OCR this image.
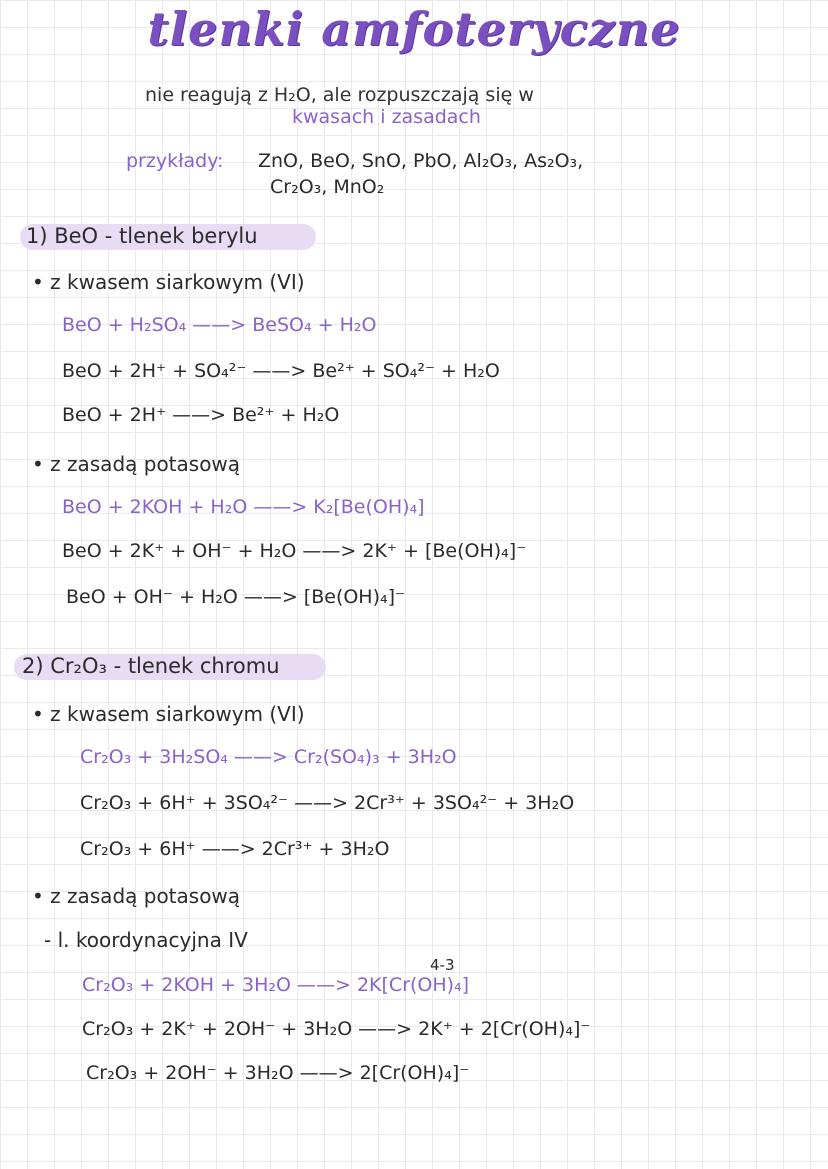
tlenki amfoteryczne
nie reagują z H₂O, ale rozpuszczają się w
kwasach i zasadach
przykłady: ZnO, BeO, SnO, PbO, Al₂O₃, As₂O₃,
Cr₂O₃, MnO₂
1) BeO - tlenek berylu
• z kwasem siarkowym (VI)
BeO + H₂SO₄ ——> BeSO₄ + H₂O
BeO + 2H⁺ + SO₄²⁻ ——> Be²⁺ + SO₄²⁻ + H₂O
BeO + 2H⁺ ——> Be²⁺ + H₂O
• z zasadą potasową
BeO + 2KOH + H₂O ——> K₂[Be(OH)₄]
BeO + 2K⁺ + OH⁻ + H₂O ——> 2K⁺ + [Be(OH)₄]⁻
BeO + OH⁻ + H₂O ——> [Be(OH)₄]⁻
2) Cr₂O₃ - tlenek chromu
• z kwasem siarkowym (VI)
Cr₂O₃ + 3H₂SO₄ ——> Cr₂(SO₄)₃ + 3H₂O
Cr₂O₃ + 6H⁺ + 3SO₄²⁻ ——> 2Cr³⁺ + 3SO₄²⁻ + 3H₂O
Cr₂O₃ + 6H⁺ ——> 2Cr³⁺ + 3H₂O
• z zasadą potasową
- l. koordynacyjna IV
4-3
Cr₂O₃ + 2KOH + 3H₂O ——> 2K[Cr(OH)₄]
Cr₂O₃ + 2K⁺ + 2OH⁻ + 3H₂O ——> 2K⁺ + 2[Cr(OH)₄]⁻
Cr₂O₃ + 2OH⁻ + 3H₂O ——> 2[Cr(OH)₄]⁻
